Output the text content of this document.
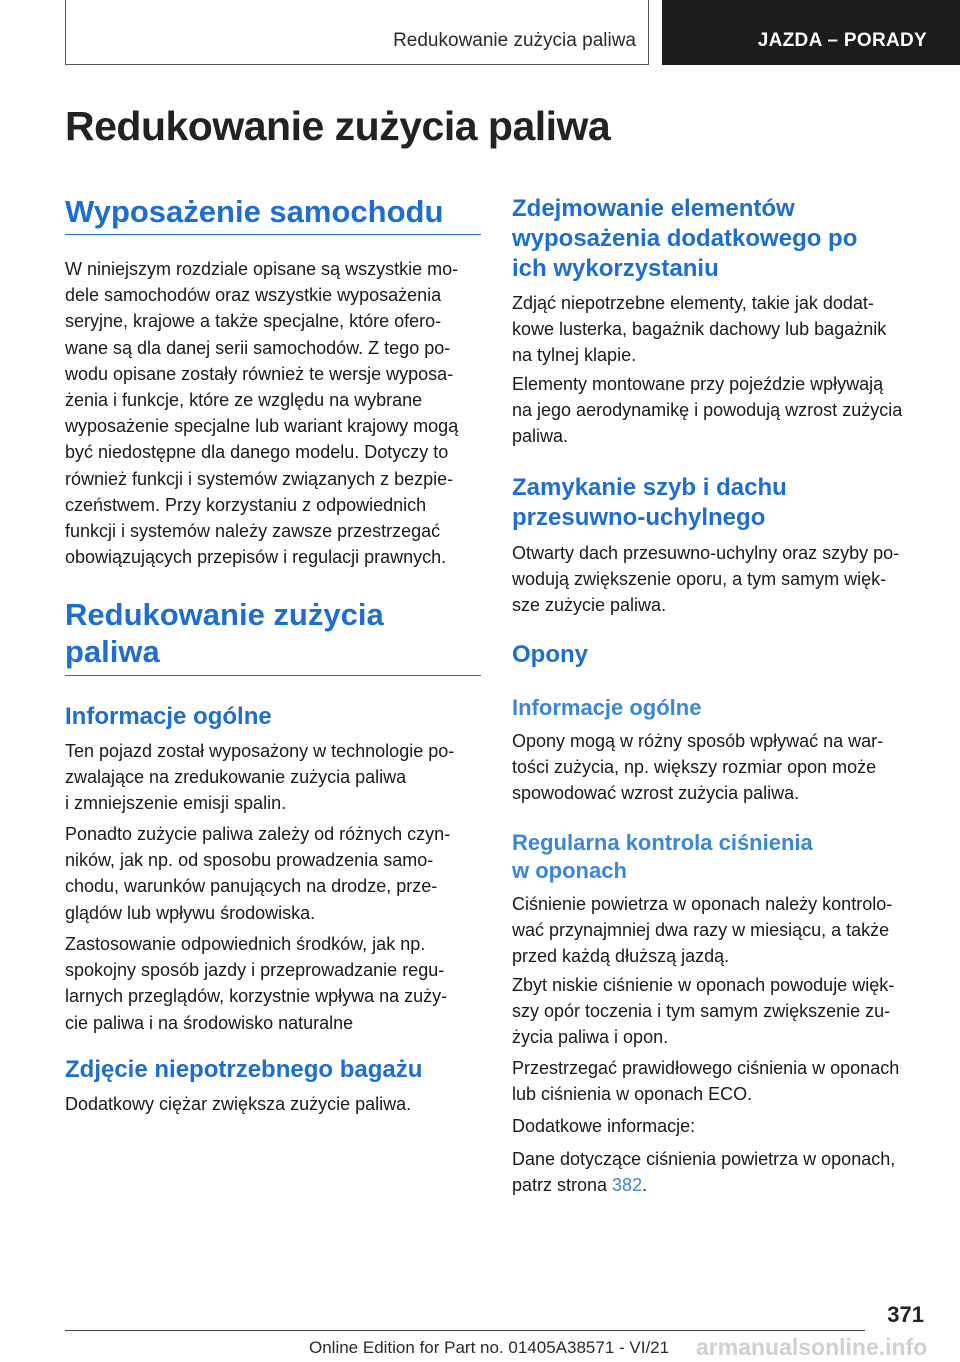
Redukowanie zużycia paliwa	JAZDA – PORADY
Redukowanie zużycia paliwa
Wyposażenie samochodu
W niniejszym rozdziale opisane są wszystkie mo‐
dele samochodów oraz wszystkie wyposażenia
seryjne, krajowe a także specjalne, które ofero‐
wane są dla danej serii samochodów. Z tego po‐
wodu opisane zostały również te wersje wyposa‐
żenia i funkcje, które ze względu na wybrane
wyposażenie specjalne lub wariant krajowy mogą
być niedostępne dla danego modelu. Dotyczy to
również funkcji i systemów związanych z bezpie‐
czeństwem. Przy korzystaniu z odpowiednich
funkcji i systemów należy zawsze przestrzegać
obowiązujących przepisów i regulacji prawnych.
Redukowanie zużycia
paliwa
Informacje ogólne
Ten pojazd został wyposażony w technologie po‐
zwalające na zredukowanie zużycia paliwa
i zmniejszenie emisji spalin.
Ponadto zużycie paliwa zależy od różnych czyn‐
ników, jak np. od sposobu prowadzenia samo‐
chodu, warunków panujących na drodze, prze‐
glądów lub wpływu środowiska.
Zastosowanie odpowiednich środków, jak np.
spokojny sposób jazdy i przeprowadzanie regu‐
larnych przeglądów, korzystnie wpływa na zuży‐
cie paliwa i na środowisko naturalne
Zdjęcie niepotrzebnego bagażu
Dodatkowy ciężar zwiększa zużycie paliwa.
Zdejmowanie elementów
wyposażenia dodatkowego po
ich wykorzystaniu
Zdjąć niepotrzebne elementy, takie jak dodat‐
kowe lusterka, bagażnik dachowy lub bagażnik
na tylnej klapie.
Elementy montowane przy pojeździe wpływają
na jego aerodynamikę i powodują wzrost zużycia
paliwa.
Zamykanie szyb i dachu
przesuwno-uchylnego
Otwarty dach przesuwno-uchylny oraz szyby po‐
wodują zwiększenie oporu, a tym samym więk‐
sze zużycie paliwa.
Opony
Informacje ogólne
Opony mogą w różny sposób wpływać na war‐
tości zużycia, np. większy rozmiar opon może
spowodować wzrost zużycia paliwa.
Regularna kontrola ciśnienia
w oponach
Ciśnienie powietrza w oponach należy kontrolo‐
wać przynajmniej dwa razy w miesiącu, a także
przed każdą dłuższą jazdą.
Zbyt niskie ciśnienie w oponach powoduje więk‐
szy opór toczenia i tym samym zwiększenie zu‐
życia paliwa i opon.
Przestrzegać prawidłowego ciśnienia w oponach
lub ciśnienia w oponach ECO.
Dodatkowe informacje:
Dane dotyczące ciśnienia powietrza w oponach,
patrz strona 382.
371
Online Edition for Part no. 01405A38571 - VI/21 armanualsonline.info
